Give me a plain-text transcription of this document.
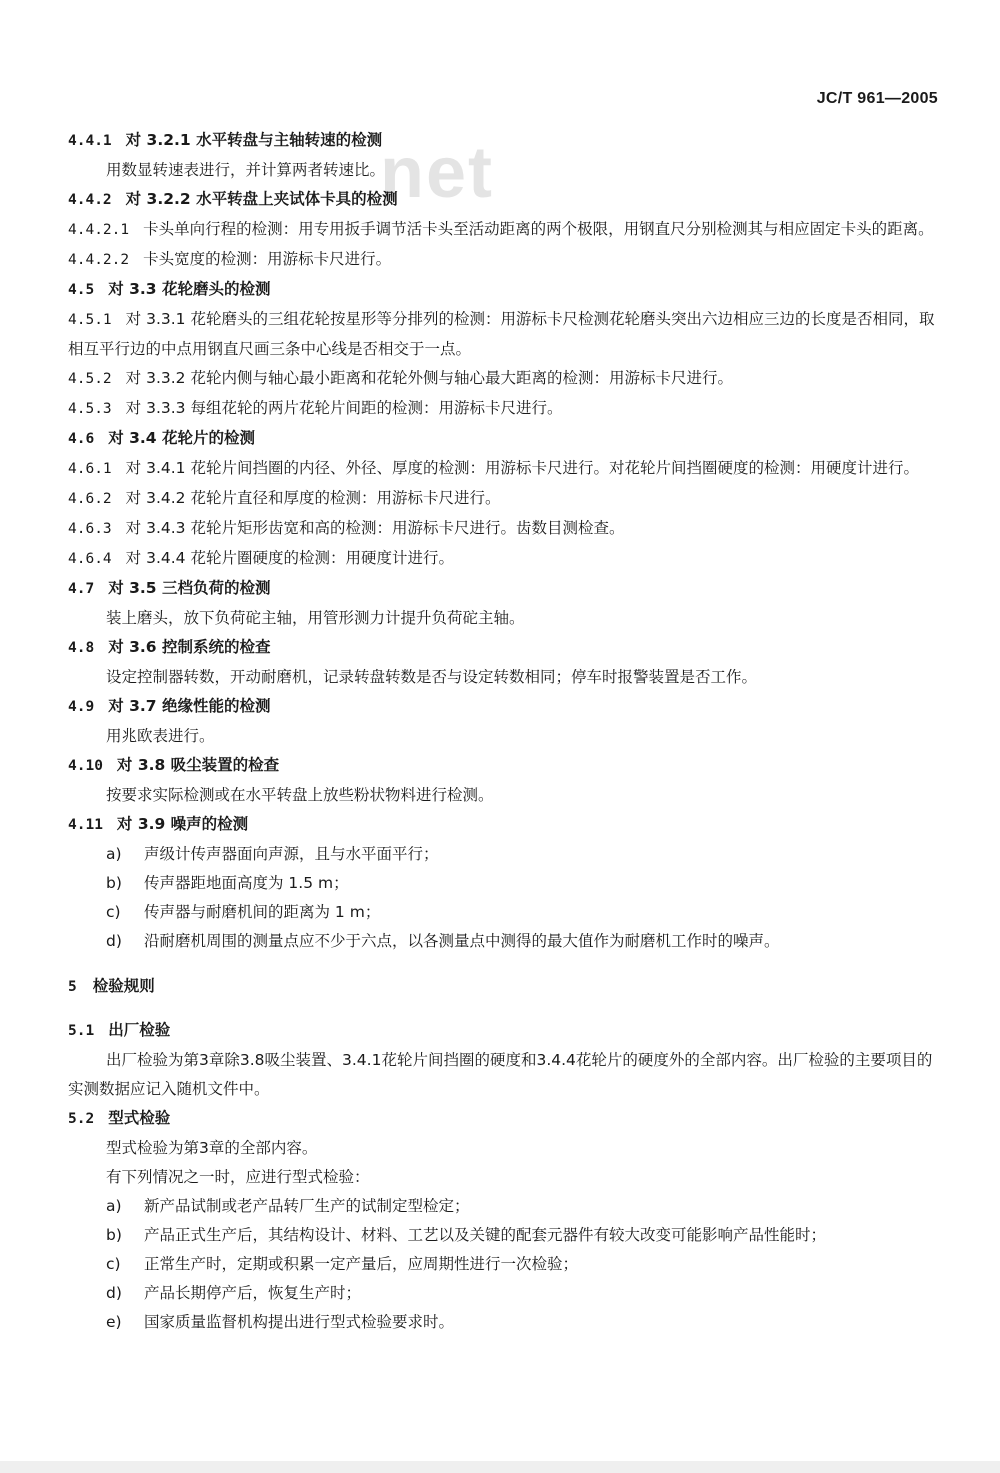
net
JC/T 961—2005
4.4.1 对 3.2.1 水平转盘与主轴转速的检测
用数显转速表进行，并计算两者转速比。
4.4.2 对 3.2.2 水平转盘上夹试体卡具的检测
4.4.2.1 卡头单向行程的检测：用专用扳手调节活卡头至活动距离的两个极限，用钢直尺分别检测其与相应固定卡头的距离。
4.4.2.2 卡头宽度的检测：用游标卡尺进行。
4.5 对 3.3 花轮磨头的检测
4.5.1 对 3.3.1 花轮磨头的三组花轮按星形等分排列的检测：用游标卡尺检测花轮磨头突出六边相应三边的长度是否相同，取相互平行边的中点用钢直尺画三条中心线是否相交于一点。
4.5.2 对 3.3.2 花轮内侧与轴心最小距离和花轮外侧与轴心最大距离的检测：用游标卡尺进行。
4.5.3 对 3.3.3 每组花轮的两片花轮片间距的检测：用游标卡尺进行。
4.6 对 3.4 花轮片的检测
4.6.1 对 3.4.1 花轮片间挡圈的内径、外径、厚度的检测：用游标卡尺进行。对花轮片间挡圈硬度的检测：用硬度计进行。
4.6.2 对 3.4.2 花轮片直径和厚度的检测：用游标卡尺进行。
4.6.3 对 3.4.3 花轮片矩形齿宽和高的检测：用游标卡尺进行。齿数目测检查。
4.6.4 对 3.4.4 花轮片圈硬度的检测：用硬度计进行。
4.7 对 3.5 三档负荷的检测
装上磨头，放下负荷砣主轴，用管形测力计提升负荷砣主轴。
4.8 对 3.6 控制系统的检查
设定控制器转数，开动耐磨机，记录转盘转数是否与设定转数相同；停车时报警装置是否工作。
4.9 对 3.7 绝缘性能的检测
用兆欧表进行。
4.10 对 3.8 吸尘装置的检查
按要求实际检测或在水平转盘上放些粉状物料进行检测。
4.11 对 3.9 噪声的检测
a)	声级计传声器面向声源，且与水平面平行；
b)	传声器距地面高度为 1.5 m；
c)	传声器与耐磨机间的距离为 1 m；
d)	沿耐磨机周围的测量点应不少于六点，以各测量点中测得的最大值作为耐磨机工作时的噪声。
5 检验规则
5.1 出厂检验
出厂检验为第3章除3.8吸尘装置、3.4.1花轮片间挡圈的硬度和3.4.4花轮片的硬度外的全部内容。出厂检验的主要项目的实测数据应记入随机文件中。
5.2 型式检验
型式检验为第3章的全部内容。
有下列情况之一时，应进行型式检验：
a)	新产品试制或老产品转厂生产的试制定型检定；
b)	产品正式生产后，其结构设计、材料、工艺以及关键的配套元器件有较大改变可能影响产品性能时；
c)	正常生产时，定期或积累一定产量后，应周期性进行一次检验；
d)	产品长期停产后，恢复生产时；
e)	国家质量监督机构提出进行型式检验要求时。
